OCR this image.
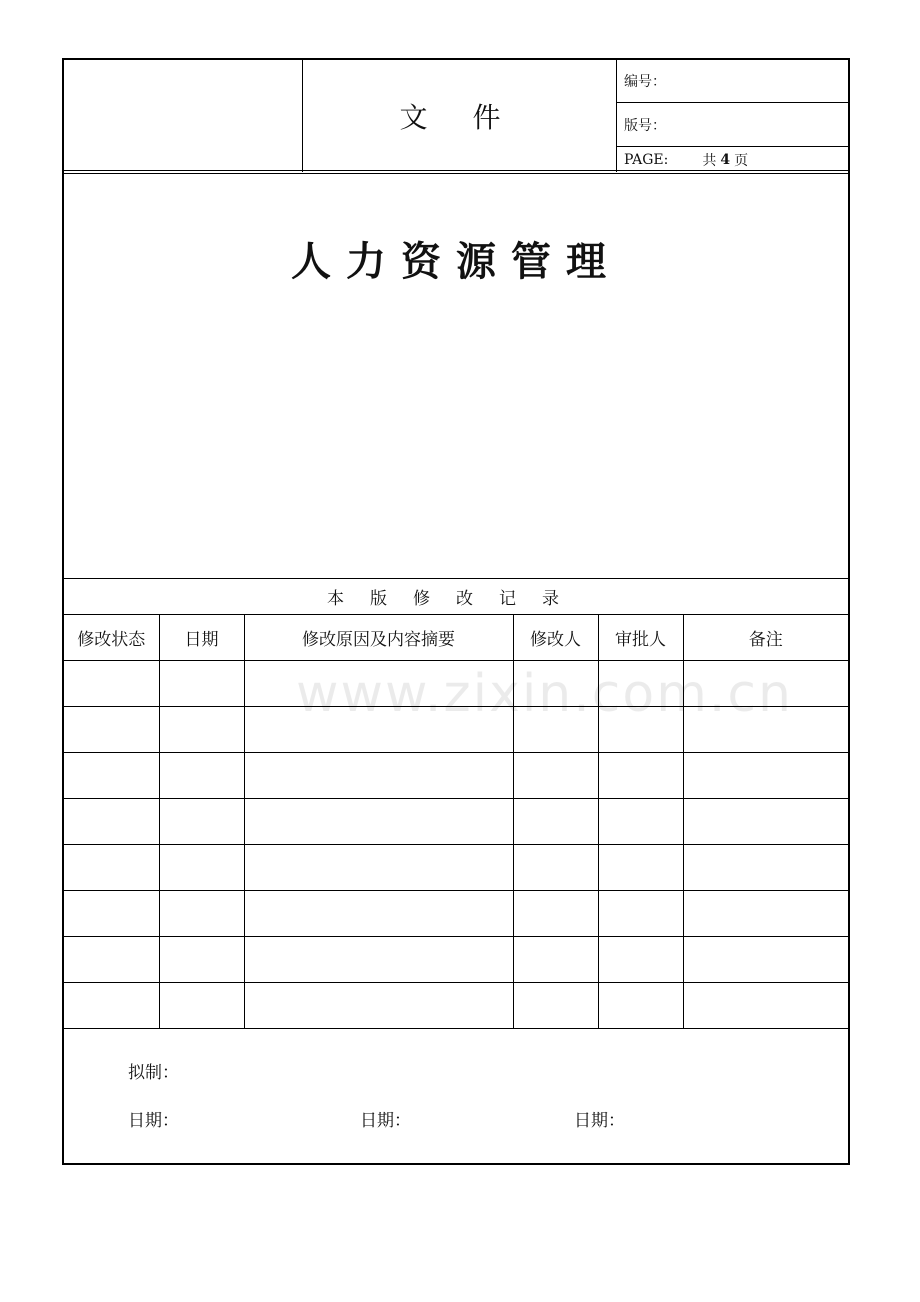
文 件
编号：
版号：
PAGE: 共 4 页
人力资源管理
本版修改记录
修改状态	日期	修改原因及内容摘要	修改人	审批人	备注

www.zixin.com.cn
拟制：
日期：	日期：	日期：
